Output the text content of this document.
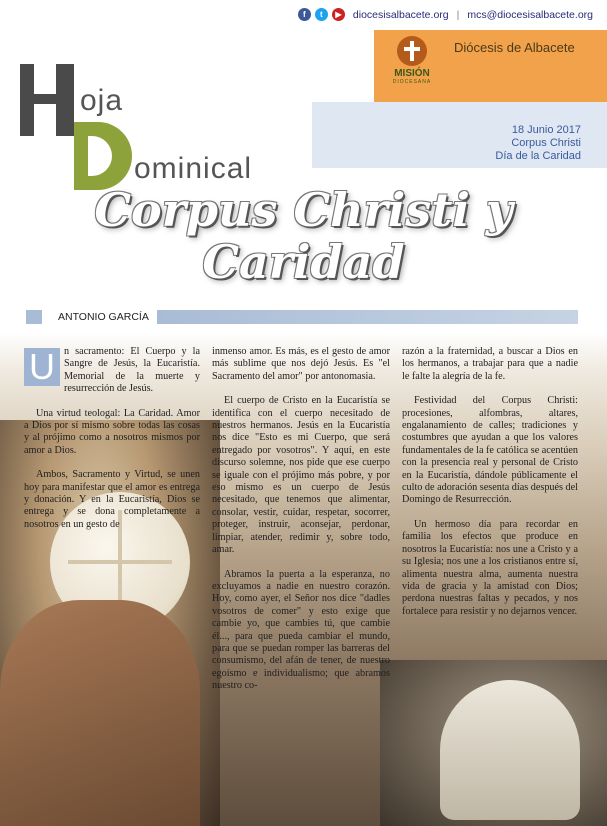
f	t	▶	diocesisalbacete.org | mcs@diocesisalbacete.org
oja
ominical
MISIÓN
DIOCESANA
Diócesis de Albacete
18 Junio 2017
Corpus Christi
Día de la Caridad
Corpus Christi y Caridad
ANTONIO GARCÍA

U n sacramento: El Cuerpo y la Sangre de Jesús, la Eucaristía. Memorial de la muerte y resurrección de Jesús.

Una virtud teologal: La Caridad. Amor a Dios por sí mismo sobre todas las cosas y al prójimo como a nosotros mismos por amor a Dios.

Ambos, Sacramento y Virtud, se unen hoy para manifestar que el amor es entrega y donación. Y en la Eucaristía, Dios se entrega y se dona completamente a nosotros en un gesto de

inmenso amor. Es más, es el gesto de amor más sublime que nos dejó Jesús. Es "el Sacramento del amor" por antonomasia.

El cuerpo de Cristo en la Eucaristía se identifica con el cuerpo necesitado de nuestros hermanos. Jesús en la Eucaristía nos dice "Esto es mi Cuerpo, que será entregado por vosotros". Y aquí, en este discurso solemne, nos pide que ese cuerpo se iguale con el prójimo más pobre, y por eso mismo es un cuerpo de Jesús necesitado, que tenemos que alimentar, consolar, vestir, cuidar, respetar, socorrer, proteger, instruir, aconsejar, perdonar, limpiar, atender, redimir y, sobre todo, amar.

Abramos la puerta a la esperanza, no excluyamos a nadie en nuestro corazón. Hoy, como ayer, el Señor nos dice "dadles vosotros de comer" y esto exige que cambie yo, que cambies tú, que cambie él..., para que pueda cambiar el mundo, para que se puedan romper las barreras del consumismo, del afán de tener, de nuestro egoísmo e individualismo; que abramos nuestro co-

razón a la fraternidad, a buscar a Dios en los hermanos, a trabajar para que a nadie le falte la alegría de la fe.

Festividad del Corpus Christi: procesiones, alfombras, altares, engalanamiento de calles; tradiciones y costumbres que ayudan a que los valores fundamentales de la fe católica se acentúen con la presencia real y personal de Cristo en la Eucaristía, dándole públicamente el culto de adoración sesenta días después del Domingo de Resurrección.

Un hermoso día para recordar en familia los efectos que produce en nosotros la Eucaristía: nos une a Cristo y a su Iglesia; nos une a los cristianos entre sí, alimenta nuestra alma, aumenta nuestra vida de gracia y la amistad con Dios; perdona nuestras faltas y pecados, y nos fortalece para resistir y no dejarnos vencer.
